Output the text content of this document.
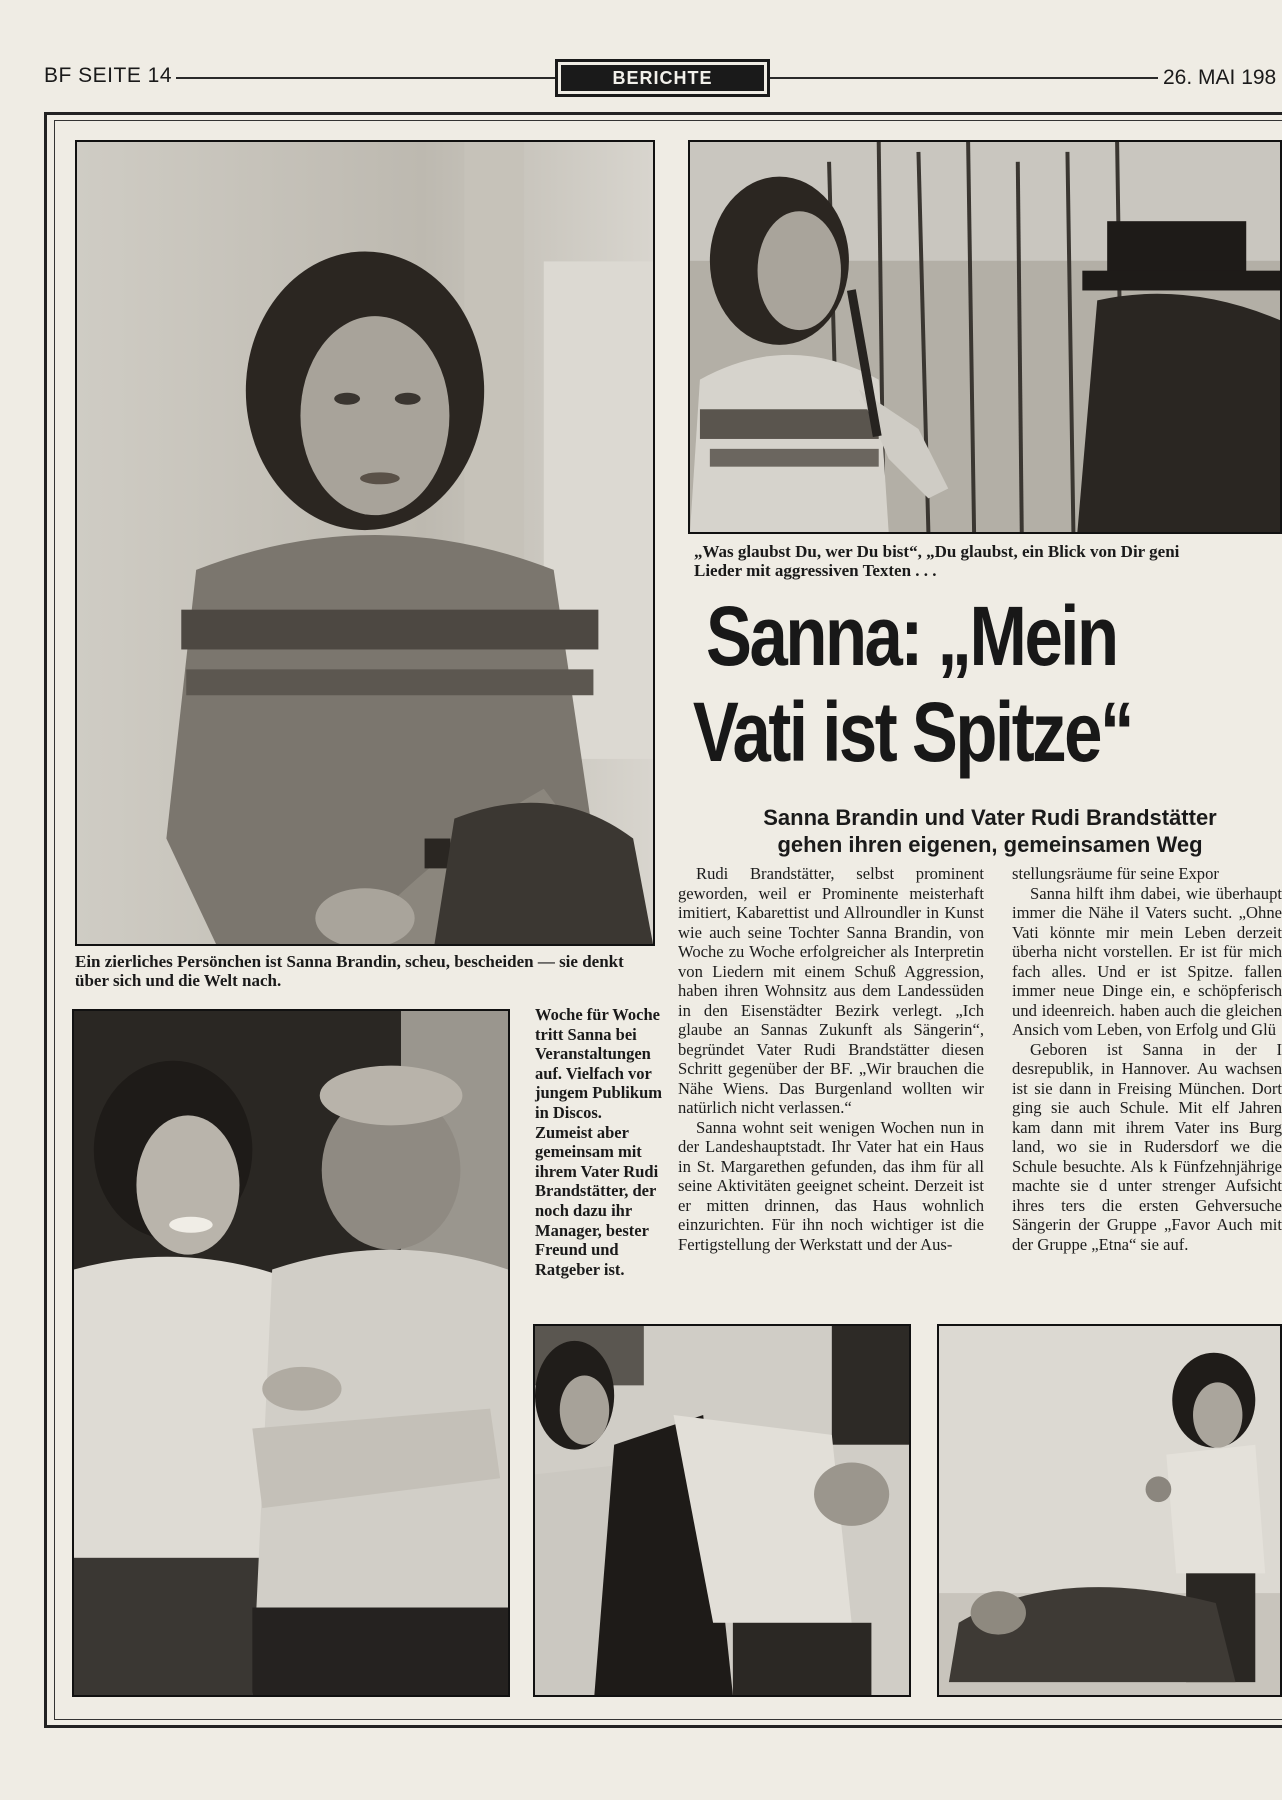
BF SEITE 14	BERICHTE	26. MAI 198
Ein zierliches Persönchen ist Sanna Brandin, scheu, bescheiden — sie denkt über sich und die Welt nach.
„Was glaubst Du, wer Du bist“, „Du glaubst, ein Blick von Dir geni
Lieder mit aggressiven Texten . . .
Sanna: „Mein
Vati ist Spitze“
Sanna Brandin und Vater Rudi Brandstätter
gehen ihren eigenen, gemeinsamen Weg
Woche für Woche tritt Sanna bei Veranstaltungen auf. Vielfach vor jungem Publikum in Discos. Zumeist aber gemeinsam mit ihrem Vater Rudi Brandstätter, der noch dazu ihr Manager, bester Freund und Ratgeber ist.

Rudi Brandstätter, selbst prominent geworden, weil er Prominente meisterhaft imitiert, Kabarettist und Allroundler in Kunst wie auch seine Tochter Sanna Brandin, von Woche zu Woche erfolgreicher als Interpretin von Liedern mit einem Schuß Aggression, haben ihren Wohnsitz aus dem Landessüden in den Eisenstädter Bezirk verlegt. „Ich glaube an Sannas Zukunft als Sängerin“, begründet Vater Rudi Brandstätter diesen Schritt gegenüber der BF. „Wir brauchen die Nähe Wiens. Das Burgenland wollten wir natürlich nicht verlassen.“

Sanna wohnt seit wenigen Wochen nun in der Landeshauptstadt. Ihr Vater hat ein Haus in St. Margarethen gefunden, das ihm für all seine Aktivitäten geeignet scheint. Derzeit ist er mitten drinnen, das Haus wohnlich einzurichten. Für ihn noch wichtiger ist die Fertigstellung der Werkstatt und der Aus-

stellungsräume für seine Expor

Sanna hilft ihm dabei, wie überhaupt immer die Nähe il Vaters sucht. „Ohne Vati könnte mir mein Leben derzeit überha nicht vorstellen. Er ist für mich fach alles. Und er ist Spitze. fallen immer neue Dinge ein, e schöpferisch und ideenreich. haben auch die gleichen Ansich vom Leben, von Erfolg und Glü

Geboren ist Sanna in der I desrepublik, in Hannover. Au wachsen ist sie dann in Freising München. Dort ging sie auch Schule. Mit elf Jahren kam dann mit ihrem Vater ins Burg land, wo sie in Rudersdorf we die Schule besuchte. Als k Fünfzehnjährige machte sie d unter strenger Aufsicht ihres ters die ersten Gehversuche Sängerin der Gruppe „Favor Auch mit der Gruppe „Etna“ sie auf.
